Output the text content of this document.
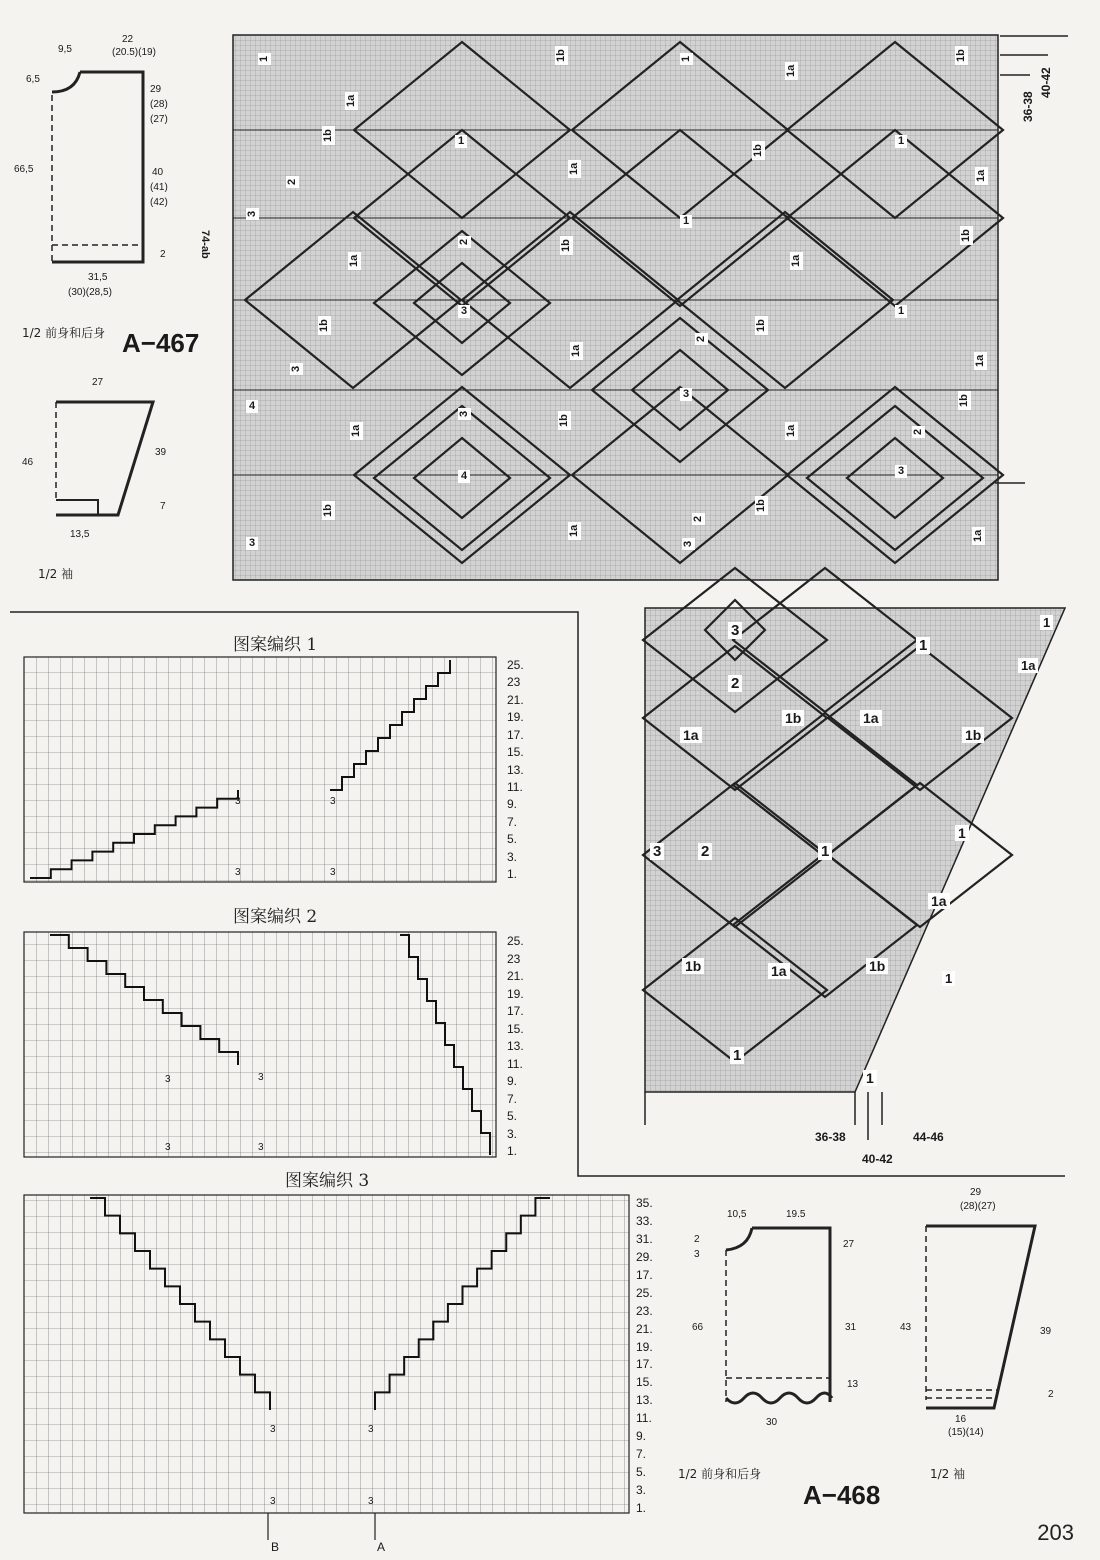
A−467
1/2 前身和后身
1/2 袖
A−468
1/2 前身和后身	1/2 袖
图案编织 1
图案编织 2
图案编织 3
203
1
1a
1b	1
1a
1b
1b	1
1b
1a
1
1a
2
3
1
1b
1a
1b
2
1a
3
1b
1a
1
3
4
2
1b
3
1a
3
1b
1a	1a	2
1b
4	3
1b
3
1a
2
3
1b
1a
36-38
40-42
74-ab
3
1
1
2
1b	1a
1a
1a	1b
1
3	2	1
1a
1b	1a	1b
1
1
1
36-38
40-42
44-46
25.
23
21.
19.
17.
15.
13.
11.
9.
7.
5.
3.
1.
25.
23
21.
19.
17.
15.
13.
11.
9.
7.
5.
3.
1.
35.
33.
31.
29.
17.
25.
23.
21.
19.
17.
15.
13.
11.
9.
7.
5.
3.
1.
3	3
3	3
3	3
3	3
3	3
3	3
B	A
9,5
22
(20.5)(19)
6,5
29
(28)
(27)
66,5	40
(41)
(42)
2
31,5
(30)(28,5)
27
46
39
7
13,5
10,5	19.5
2
3
27
66	31
13
30
29
(28)(27)
43	39
2
16
(15)(14)
